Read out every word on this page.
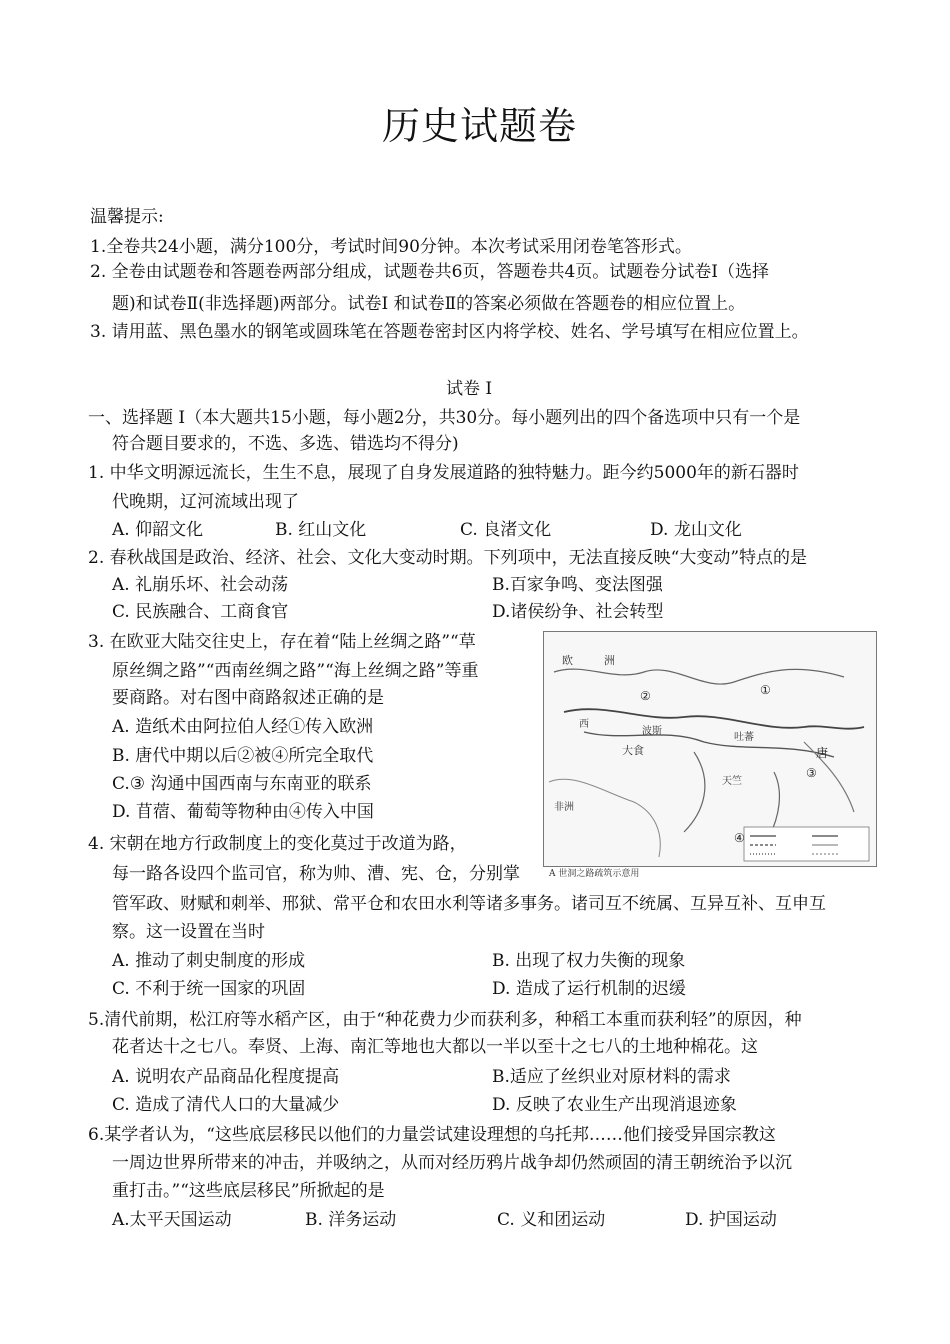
历史试题卷
温馨提示:
1.全卷共24小题，满分100分，考试时间90分钟。本次考试采用闭卷笔答形式。
2. 全卷由试题卷和答题卷两部分组成，试题卷共6页，答题卷共4页。试题卷分试卷I（选择
题)和试卷Ⅱ(非选择题)两部分。试卷I 和试卷Ⅱ的答案必须做在答题卷的相应位置上。
3. 请用蓝、黑色墨水的钢笔或圆珠笔在答题卷密封区内将学校、姓名、学号填写在相应位置上。
试卷 I
一、选择题 I（本大题共15小题，每小题2分，共30分。每小题列出的四个备选项中只有一个是
符合题目要求的，不选、多选、错选均不得分)
1. 中华文明源远流长，生生不息，展现了自身发展道路的独特魅力。距今约5000年的新石器时
代晚期，辽河流域出现了
A. 仰韶文化	B. 红山文化	C. 良渚文化	D. 龙山文化
2. 春秋战国是政治、经济、社会、文化大变动时期。下列项中，无法直接反映“大变动”特点的是
A. 礼崩乐坏、社会动荡	B.百家争鸣、变法图强
C. 民族融合、工商食官	D.诸侯纷争、社会转型
3. 在欧亚大陆交往史上，存在着“陆上丝绸之路”“草
原丝绸之路”“西南丝绸之路”“海上丝绸之路”等重
要商路。对右图中商路叙述正确的是
A. 造纸术由阿拉伯人经①传入欧洲
B. 唐代中期以后②被④所完全取代
C.③ 沟通中国西南与东南亚的联系
D. 苜蓿、葡萄等物种由④传入中国
欧	洲
西
波斯
大食
吐蕃
天竺
唐
非洲
①
②
③
④
A 世洞之路疏筑示意用
4. 宋朝在地方行政制度上的变化莫过于改道为路，
每一路各设四个监司官，称为帅、漕、宪、仓，分别掌
管军政、财赋和刺举、邢狱、常平仓和农田水利等诸多事务。诸司互不统属、互异互补、互申互
察。这一设置在当时
A. 推动了刺史制度的形成	B. 出现了权力失衡的现象
C. 不利于统一国家的巩固	D. 造成了运行机制的迟缓
5.清代前期，松江府等水稻产区，由于“种花费力少而获利多，种稻工本重而获利轻”的原因，种
花者达十之七八。奉贤、上海、南汇等地也大都以一半以至十之七八的土地种棉花。这
A. 说明农产品商品化程度提高	B.适应了丝织业对原材料的需求
C. 造成了清代人口的大量减少	D. 反映了农业生产出现消退迹象
6.某学者认为，“这些底层移民以他们的力量尝试建设理想的乌托邦……他们接受异国宗教这
一周边世界所带来的冲击，并吸纳之，从而对经历鸦片战争却仍然顽固的清王朝统治予以沉
重打击。”“这些底层移民”所掀起的是
A.太平天国运动	B. 洋务运动	C. 义和团运动	D. 护国运动
